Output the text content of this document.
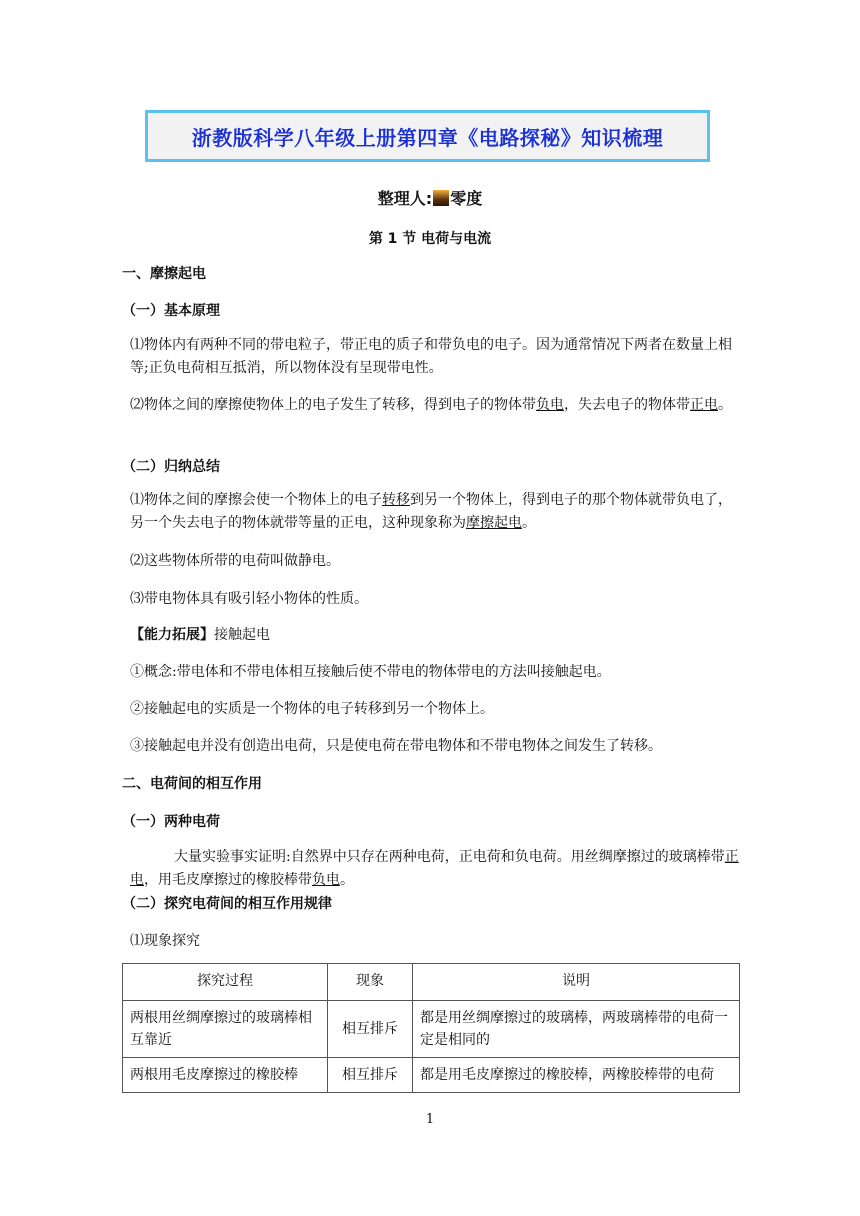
浙教版科学八年级上册第四章《电路探秘》知识梳理
整理人: 零度
第 1 节 电荷与电流
一、摩擦起电
（一）基本原理
⑴物体内有两种不同的带电粒子，带正电的质子和带负电的电子。因为通常情况下两者在数量上相等;正负电荷相互抵消，所以物体没有呈现带电性。
⑵物体之间的摩擦使物体上的电子发生了转移，得到电子的物体带负电，失去电子的物体带正电。
（二）归纳总结
⑴物体之间的摩擦会使一个物体上的电子转移到另一个物体上，得到电子的那个物体就带负电了，另一个失去电子的物体就带等量的正电，这种现象称为摩擦起电。
⑵这些物体所带的电荷叫做静电。
⑶带电物体具有吸引轻小物体的性质。
【能力拓展】接触起电
①概念:带电体和不带电体相互接触后使不带电的物体带电的方法叫接触起电。
②接触起电的实质是一个物体的电子转移到另一个物体上。
③接触起电并没有创造出电荷，只是使电荷在带电物体和不带电物体之间发生了转移。
二、电荷间的相互作用
（一）两种电荷
大量实验事实证明:自然界中只存在两种电荷，正电荷和负电荷。用丝绸摩擦过的玻璃棒带正电，用毛皮摩擦过的橡胶棒带负电。
（二）探究电荷间的相互作用规律
⑴现象探究
探究过程	现象	说明
两根用丝绸摩擦过的玻璃棒相互靠近	相互排斥	都是用丝绸摩擦过的玻璃棒，两玻璃棒带的电荷一定是相同的
两根用毛皮摩擦过的橡胶棒	相互排斥	都是用毛皮摩擦过的橡胶棒，两橡胶棒带的电荷
1
